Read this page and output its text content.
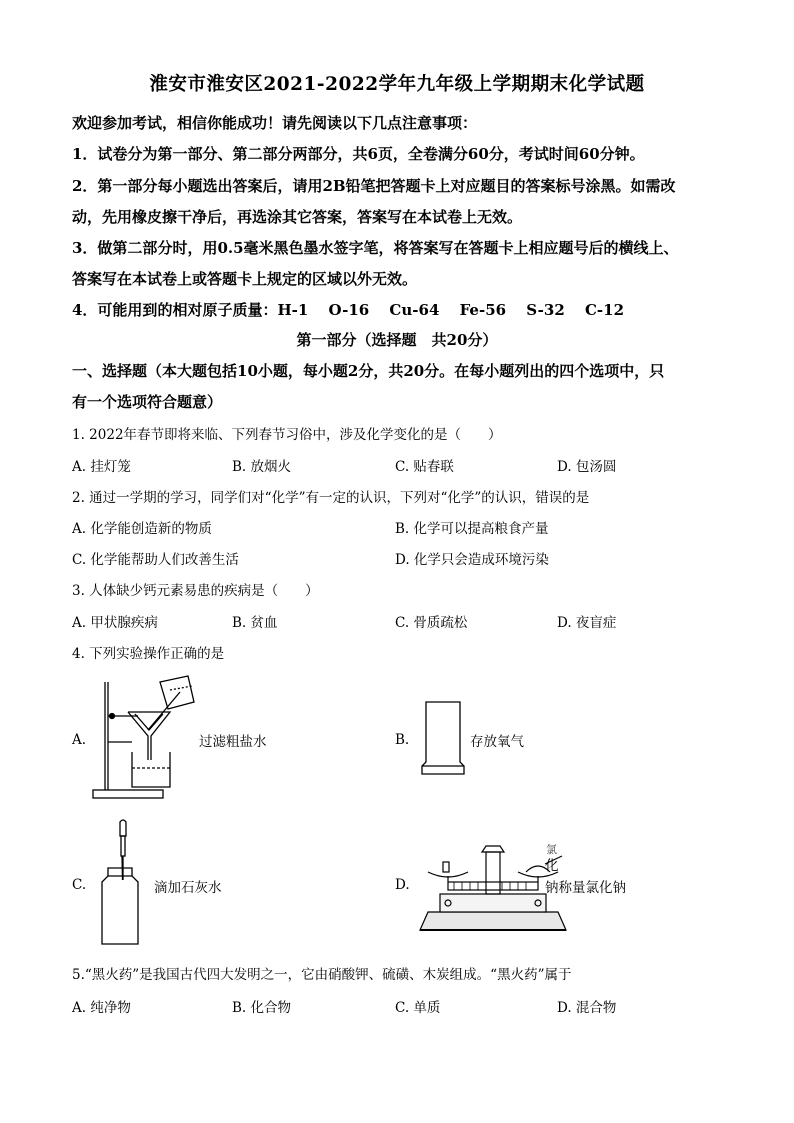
淮安市淮安区2021-2022学年九年级上学期期末化学试题
欢迎参加考试，相信你能成功！请先阅读以下几点注意事项：
1．试卷分为第一部分、第二部分两部分，共6页，全卷满分60分，考试时间60分钟。
2．第一部分每小题选出答案后，请用2B铅笔把答题卡上对应题目的答案标号涂黑。如需改
动，先用橡皮擦干净后，再选涂其它答案，答案写在本试卷上无效。
3．做第二部分时，用0.5毫米黑色墨水签字笔，将答案写在答题卡上相应题号后的横线上、
答案写在本试卷上或答题卡上规定的区域以外无效。
4．可能用到的相对原子质量：H-1　 O-16　 Cu-64　 Fe-56　 S-32　 C-12
第一部分（选择题　共20分）
一、选择题（本大题包括10小题，每小题2分，共20分。在每小题列出的四个选项中，只
有一个选项符合题意）
1. 2022年春节即将来临、下列春节习俗中，涉及化学变化的是（　　）
A. 挂灯笼	B. 放烟火	C. 贴春联	D. 包汤圆
2. 通过一学期的学习，同学们对“化学”有一定的认识，下列对“化学”的认识，错误的是
A. 化学能创造新的物质	B. 化学可以提高粮食产量
C. 化学能帮助人们改善生活	D. 化学只会造成环境污染
3. 人体缺少钙元素易患的疾病是（　　）
A. 甲状腺疾病	B. 贫血	C. 骨质疏松	D. 夜盲症
4. 下列实验操作正确的是
A.	过滤粗盐水	B.	存放氧气
C.	滴加石灰水	D.
氯
化
钠称量氯化钠
5.“黑火药”是我国古代四大发明之一，它由硝酸钾、硫磺、木炭组成。“黑火药”属于
A. 纯净物	B. 化合物	C. 单质	D. 混合物
